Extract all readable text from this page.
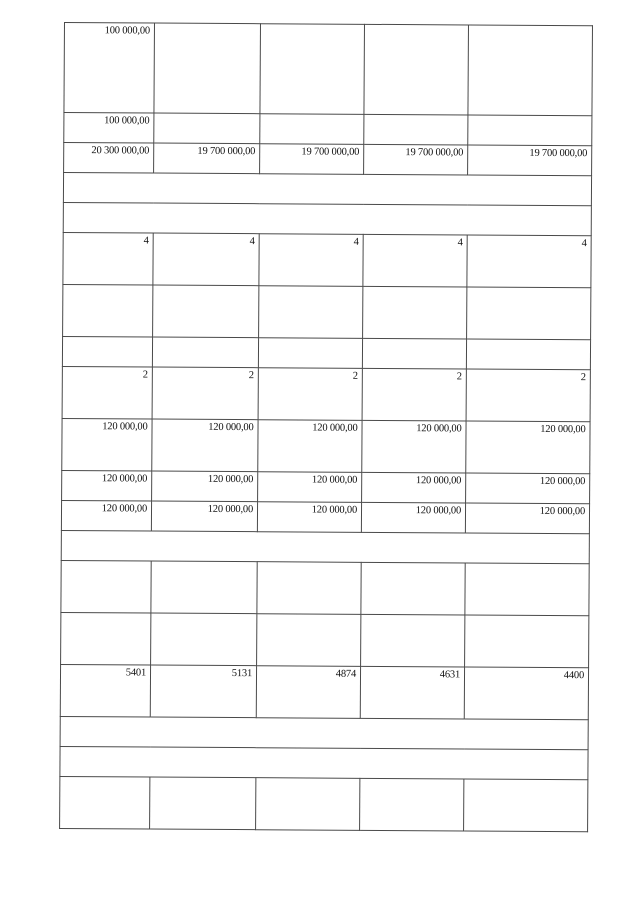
100 000,00				
100 000,00				
20 300 000,00	19 700 000,00	19 700 000,00	19 700 000,00	19 700 000,00

4	4	4	4	4

2	2	2	2	2
120 000,00	120 000,00	120 000,00	120 000,00	120 000,00
120 000,00	120 000,00	120 000,00	120 000,00	120 000,00
120 000,00	120 000,00	120 000,00	120 000,00	120 000,00

5401	5131	4874	4631	4400
